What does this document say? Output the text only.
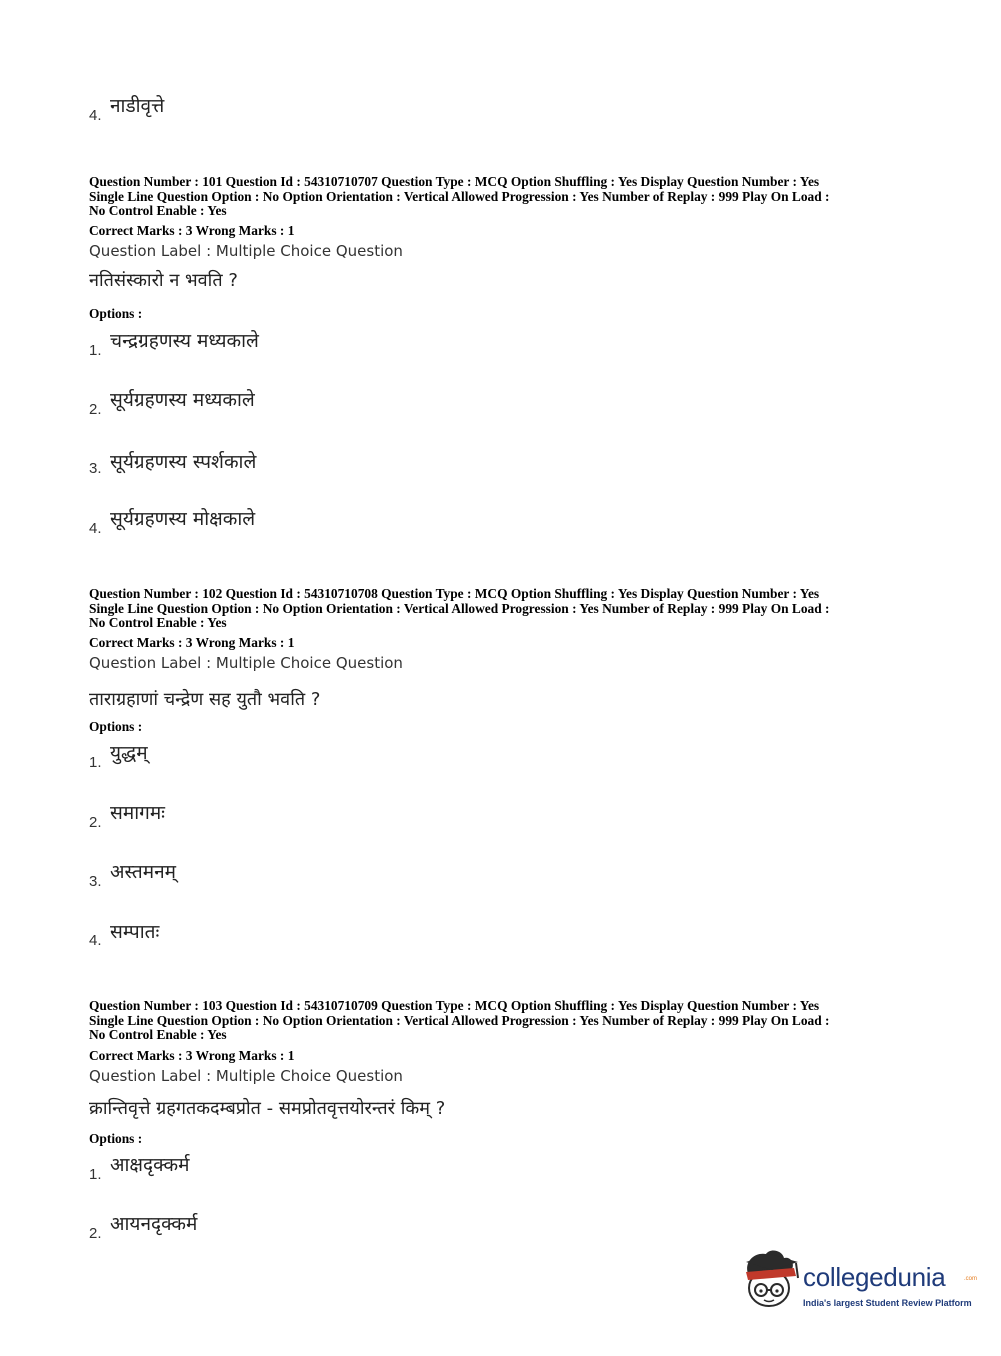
4. नाडीवृत्ते
Question Number : 101 Question Id : 54310710707 Question Type : MCQ Option Shuffling : Yes Display Question Number : Yes
Single Line Question Option : No Option Orientation : Vertical Allowed Progression : Yes Number of Replay : 999 Play On Load :
No Control Enable : Yes
Correct Marks : 3 Wrong Marks : 1
Question Label : Multiple Choice Question
नतिसंस्कारो न भवति ?
Options :
1. चन्द्रग्रहणस्य मध्यकाले
2. सूर्यग्रहणस्य मध्यकाले
3. सूर्यग्रहणस्य स्पर्शकाले
4. सूर्यग्रहणस्य मोक्षकाले
Question Number : 102 Question Id : 54310710708 Question Type : MCQ Option Shuffling : Yes Display Question Number : Yes
Single Line Question Option : No Option Orientation : Vertical Allowed Progression : Yes Number of Replay : 999 Play On Load :
No Control Enable : Yes
Correct Marks : 3 Wrong Marks : 1
Question Label : Multiple Choice Question
ताराग्रहाणां चन्द्रेण सह युतौ भवति ?
Options :
1. युद्धम्
2. समागमः
3. अस्तमनम्
4. सम्पातः
Question Number : 103 Question Id : 54310710709 Question Type : MCQ Option Shuffling : Yes Display Question Number : Yes
Single Line Question Option : No Option Orientation : Vertical Allowed Progression : Yes Number of Replay : 999 Play On Load :
No Control Enable : Yes
Correct Marks : 3 Wrong Marks : 1
Question Label : Multiple Choice Question
क्रान्तिवृत्ते ग्रहगतकदम्बप्रोत - समप्रोतवृत्तयोरन्तरं किम् ?
Options :
1. आक्षदृक्कर्म
2. आयनदृक्कर्म
collegedunia	.com
India's largest Student Review Platform
